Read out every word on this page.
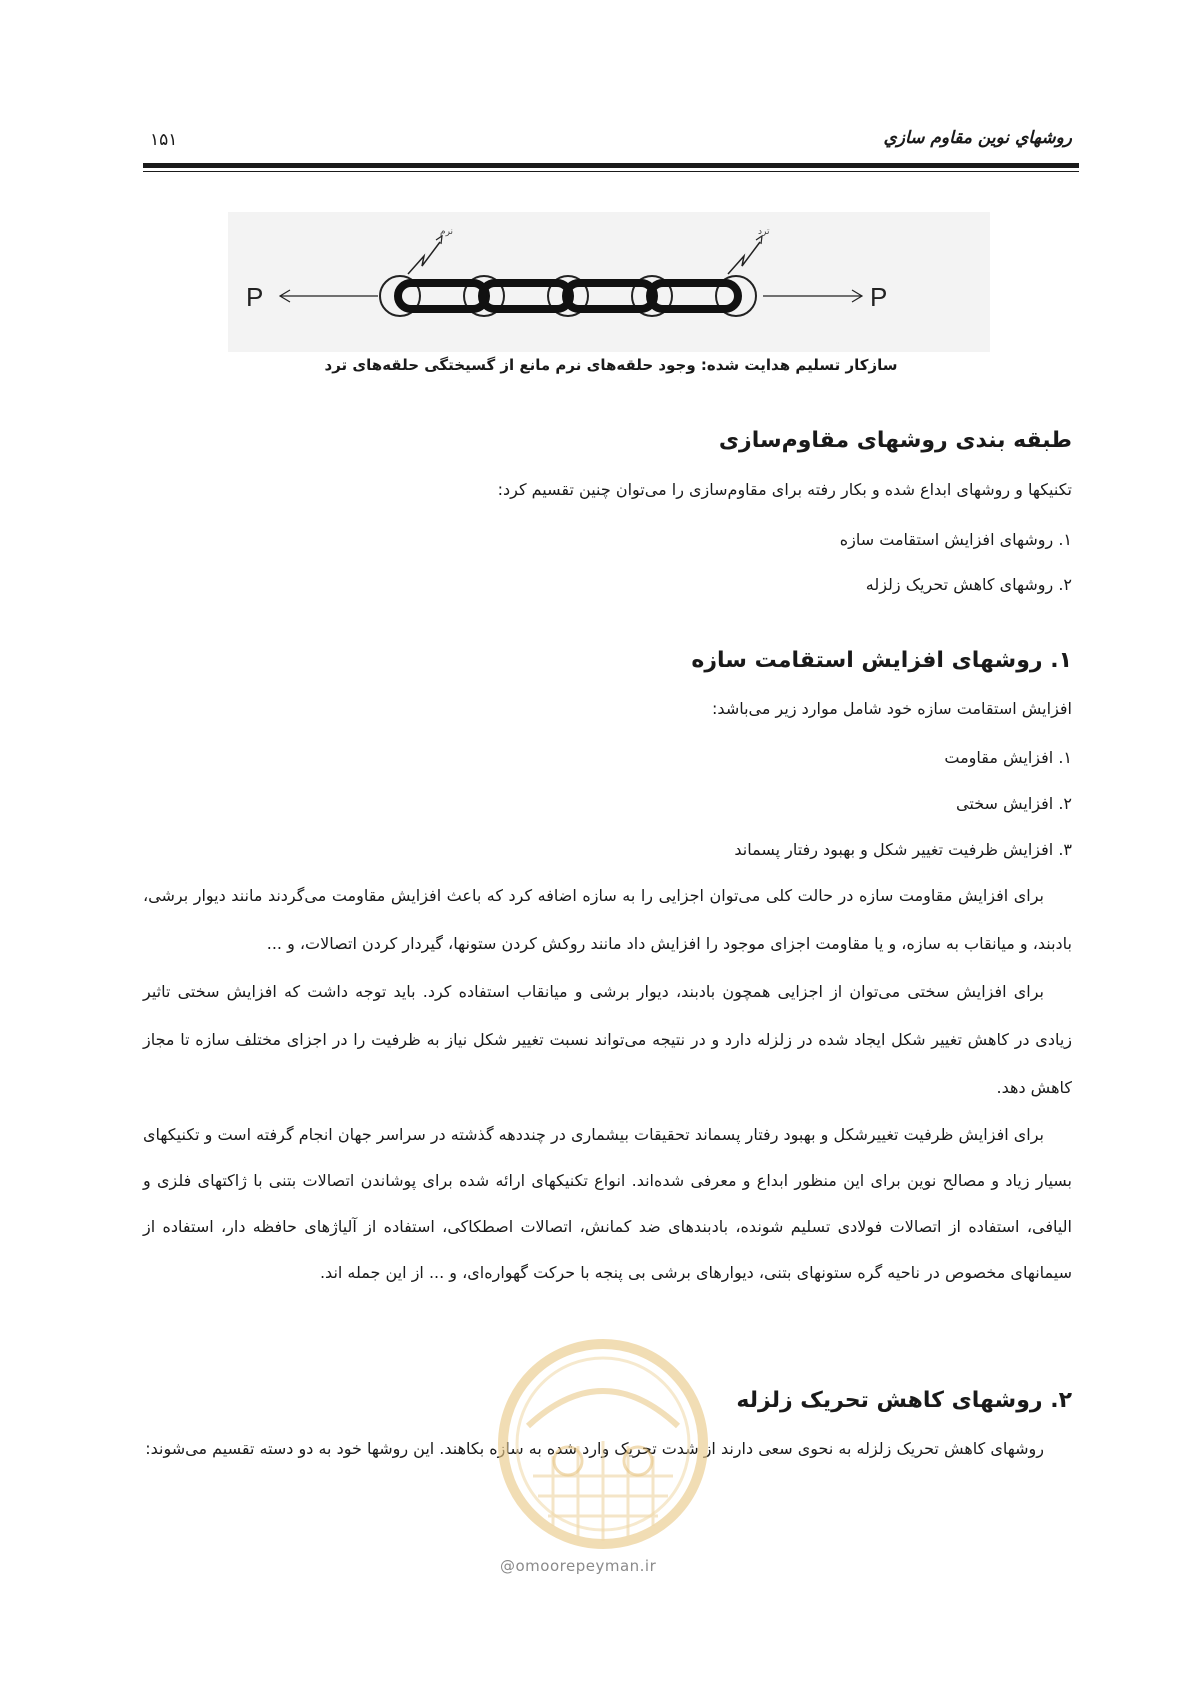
روشهاي نوين مقاوم سازي
۱۵۱
P	P
نرم	ترد
سازکار تسلیم هدایت شده: وجود حلقه‌های نرم مانع از گسیختگی حلقه‌های ترد
طبقه بندی روشهای مقاوم‌سازی
تکنیکها و روشهای ابداع شده و بکار رفته برای مقاوم‌سازی را می‌توان چنین تقسیم کرد:
۱. روشهای افزایش استقامت سازه
۲. روشهای کاهش تحریک زلزله
۱. روشهای افزایش استقامت سازه
افزایش استقامت سازه خود شامل موارد زیر می‌باشد:
۱. افزایش مقاومت
۲. افزایش سختی
۳. افزایش ظرفیت تغییر شکل و بهبود رفتار پسماند

برای افزایش مقاومت سازه در حالت کلی می‌توان اجزایی را به سازه اضافه کرد که باعث افزایش مقاومت می‌گردند مانند دیوار برشی، بادبند، و میانقاب به سازه، و یا مقاومت اجزای موجود را افزایش داد مانند روکش کردن ستونها، گیردار کردن اتصالات، و ...

برای افزایش سختی می‌توان از اجزایی همچون بادبند، دیوار برشی و میانقاب استفاده کرد. باید توجه داشت که افزایش سختی تاثیر زیادی در کاهش تغییر شکل ایجاد شده در زلزله دارد و در نتیجه می‌تواند نسبت تغییر شکل نیاز به ظرفیت را در اجزای مختلف سازه تا مجاز کاهش دهد.

برای افزایش ظرفیت تغییرشکل و بهبود رفتار پسماند تحقیقات بیشماری در چنددهه گذشته در سراسر جهان انجام گرفته است و تکنیکهای بسیار زیاد و مصالح نوین برای این منظور ابداع و معرفی شده‌اند. انواع تکنیکهای ارائه شده برای پوشاندن اتصالات بتنی با ژاکتهای فلزی و الیافی، استفاده از اتصالات فولادی تسلیم شونده، بادبندهای ضد کمانش، اتصالات اصطکاکی، استفاده از آلیاژهای حافظه دار، استفاده از سیمانهای مخصوص در ناحیه گره ستونهای بتنی، دیوارهای برشی بی پنجه با حرکت گهواره‌ای، و ... از این جمله اند.

۲. روشهای کاهش تحریک زلزله

روشهای کاهش تحریک زلزله به نحوی سعی دارند از شدت تحریک وارد شده به سازه بکاهند. این روشها خود به دو دسته تقسیم می‌شوند:

@omoorepeyman.ir
